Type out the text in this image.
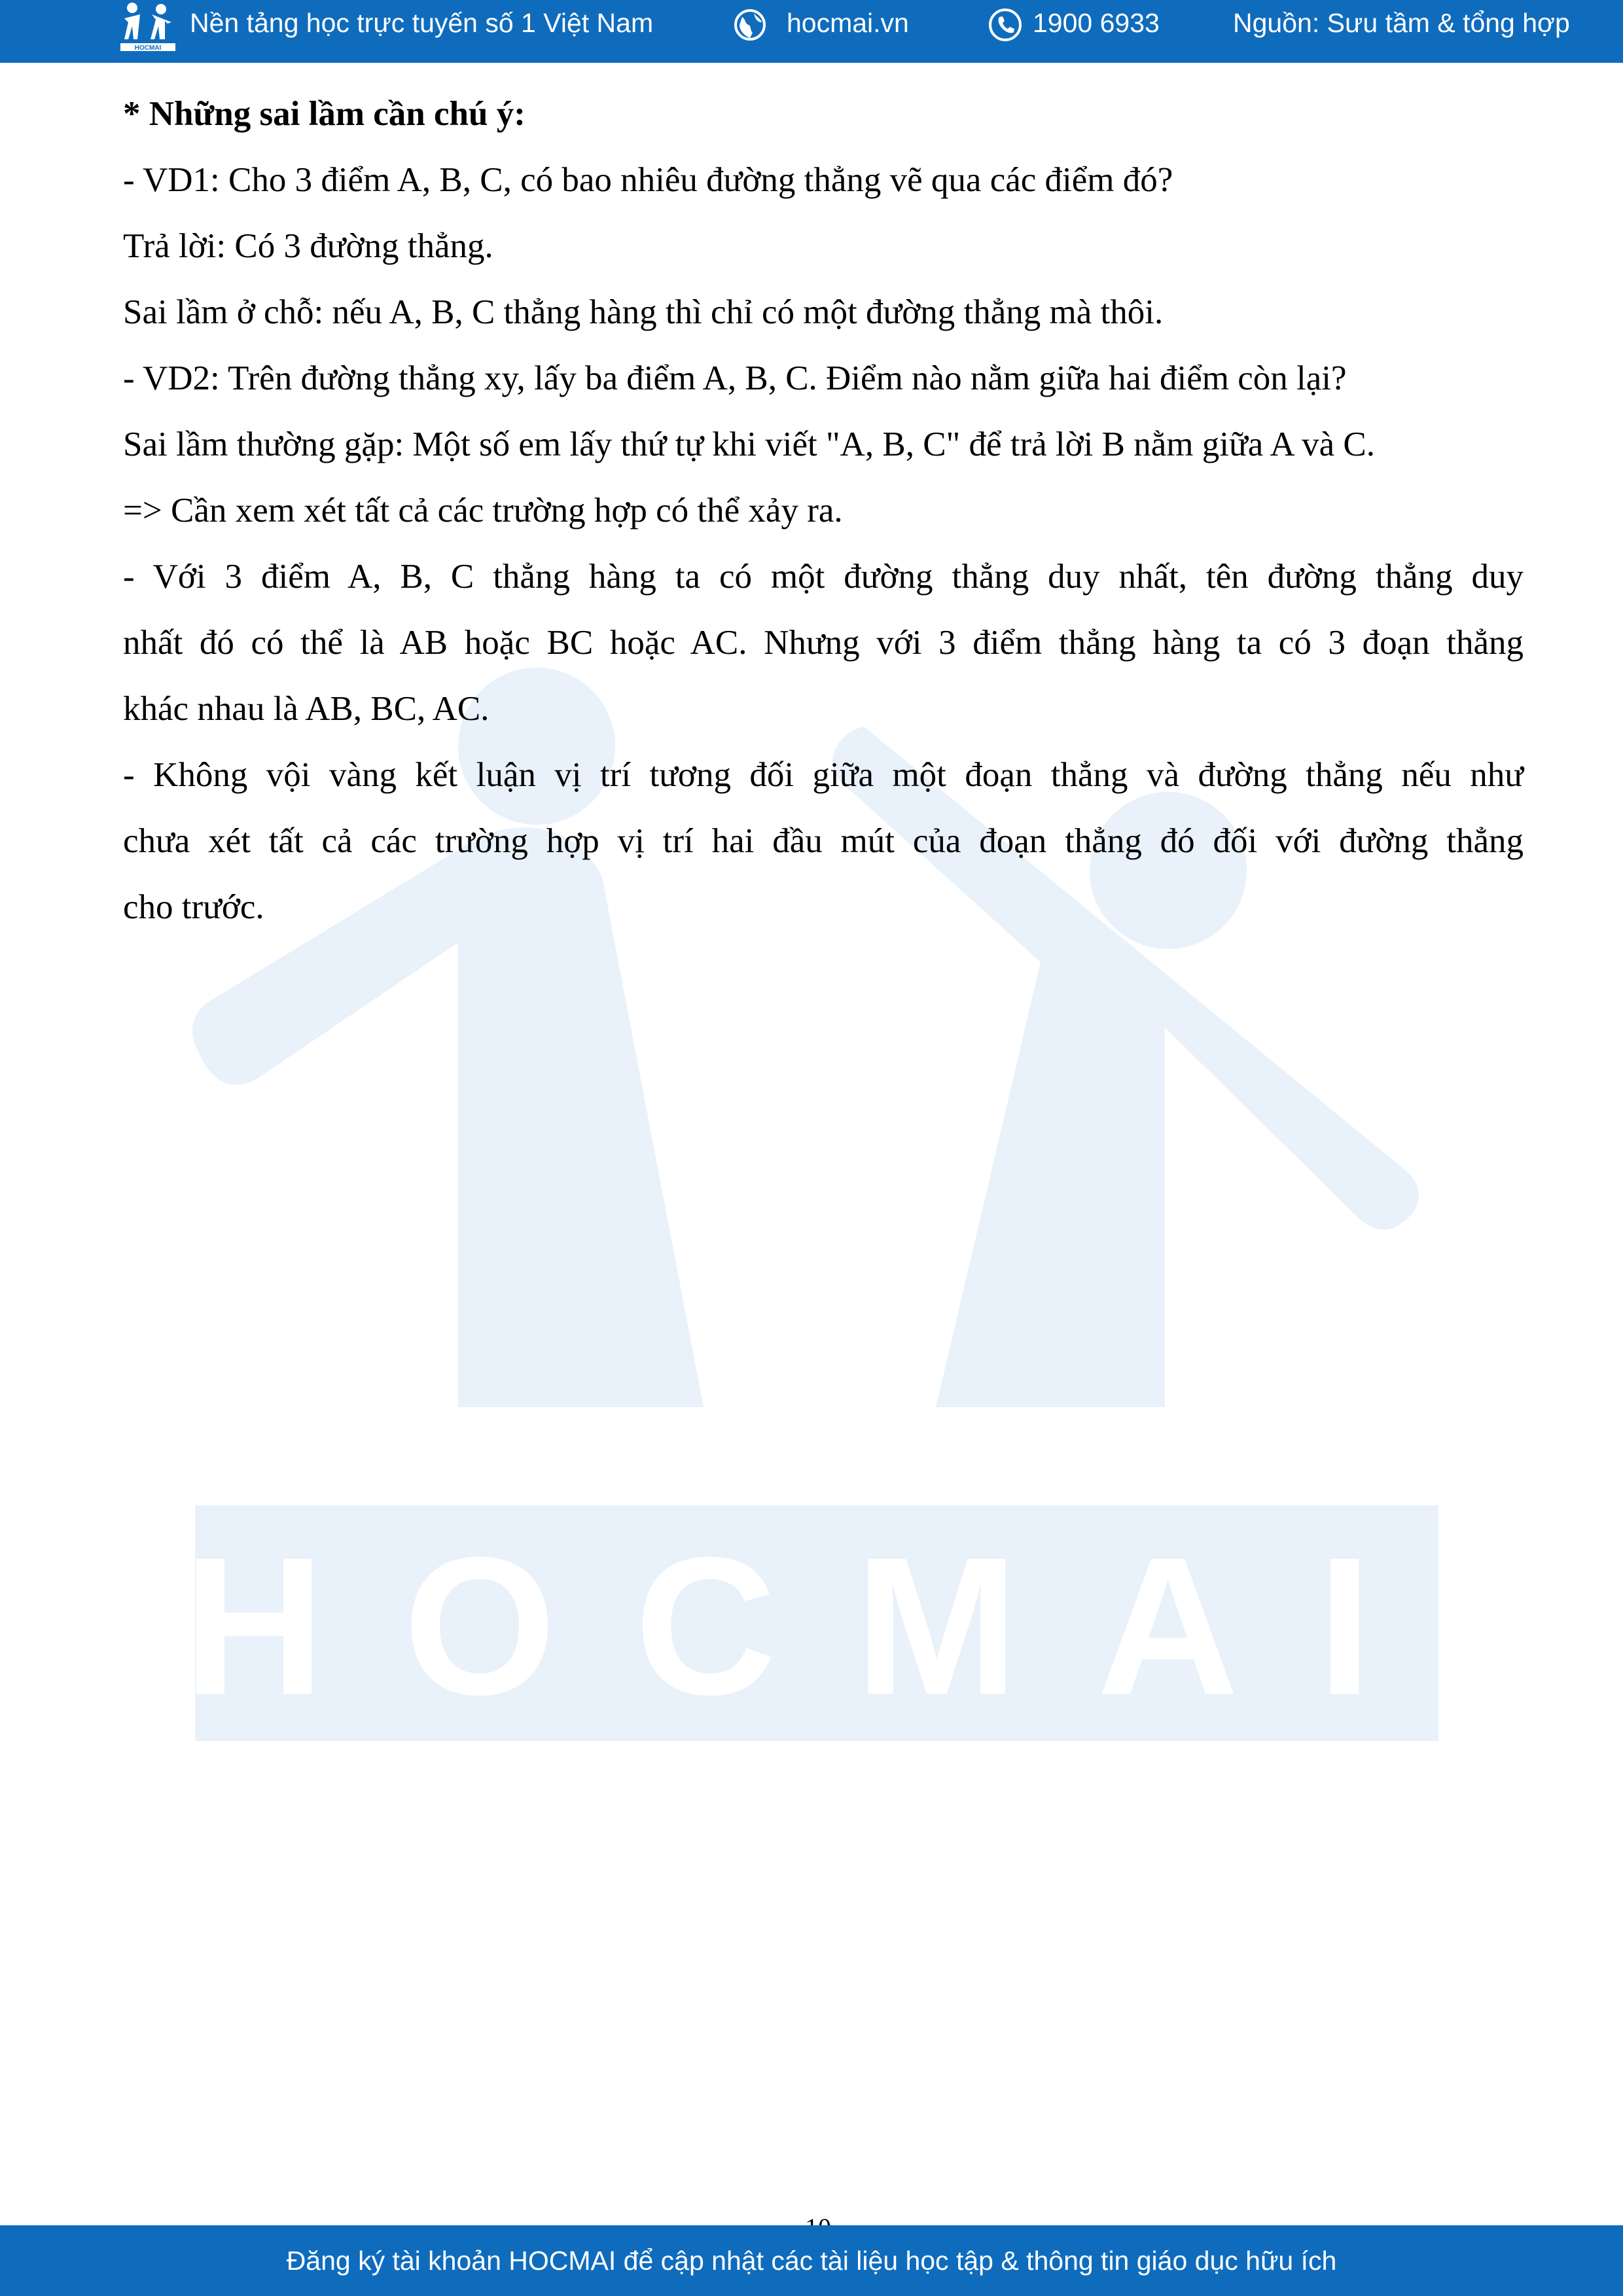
HOCMAI
Nền tảng học trực tuyến số 1 Việt Nam	hocmai.vn	1900 6933	Nguồn: Sưu tầm & tổng hợp
HOCMAI

* Những sai lầm cần chú ý:

- VD1: Cho 3 điểm A, B, C, có bao nhiêu đường thẳng vẽ qua các điểm đó?

Trả lời: Có 3 đường thẳng.

Sai lầm ở chỗ: nếu A, B, C thẳng hàng thì chỉ có một đường thẳng mà thôi.

- VD2: Trên đường thẳng xy, lấy ba điểm A, B, C. Điểm nào nằm giữa hai điểm còn lại?

Sai lầm thường gặp: Một số em lấy thứ tự khi viết "A, B, C" để trả lời B nằm giữa A và C.

=> Cần xem xét tất cả các trường hợp có thể xảy ra.

- Với 3 điểm A, B, C thẳng hàng ta có một đường thẳng duy nhất, tên đường thẳng duy

nhất đó có thể là AB hoặc BC hoặc AC. Nhưng với 3 điểm thẳng hàng ta có 3 đoạn thẳng

khác nhau là AB, BC, AC.

- Không vội vàng kết luận vị trí tương đối giữa một đoạn thẳng và đường thẳng nếu như

chưa xét tất cả các trường hợp vị trí hai đầu mút của đoạn thẳng đó đối với đường thẳng

cho trước.

Đăng ký tài khoản HOCMAI để cập nhật các tài liệu học tập & thông tin giáo dục hữu ích
